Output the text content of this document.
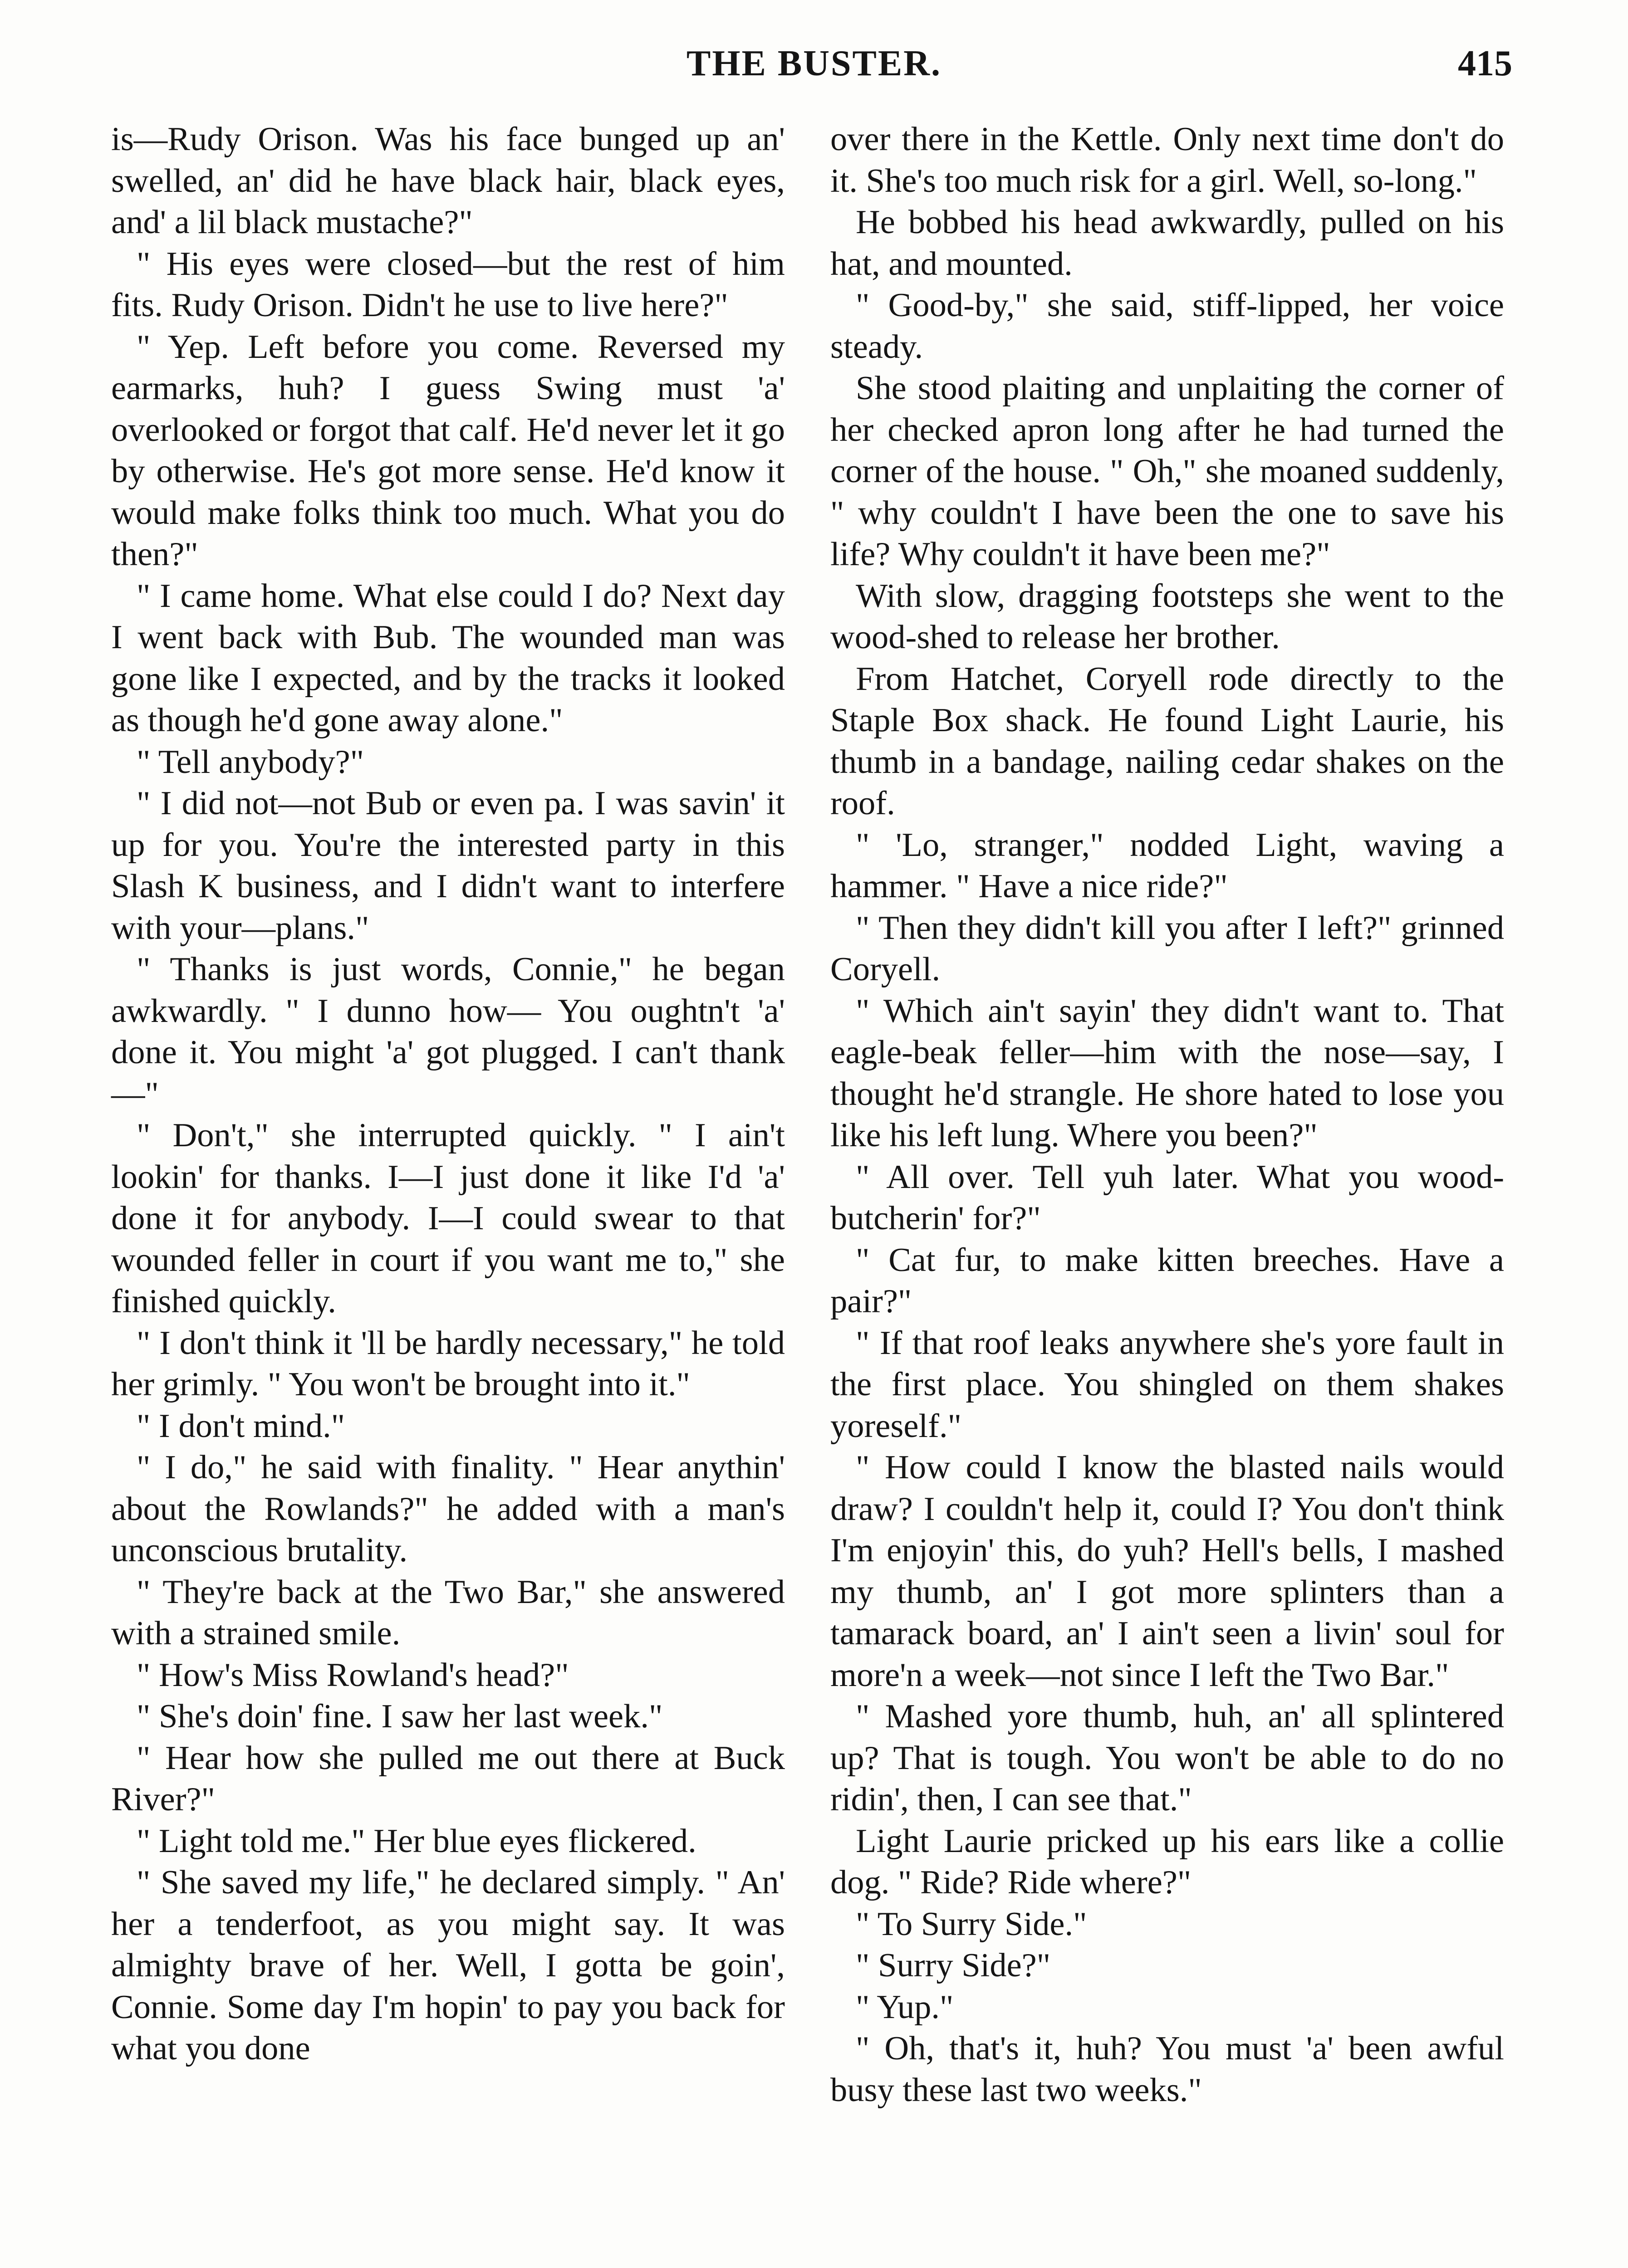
THE BUSTER.	415

is—Rudy Orison. Was his face bunged up an' swelled, an' did he have black hair, black eyes, and' a lil black mustache?"

" His eyes were closed—but the rest of him fits. Rudy Orison. Didn't he use to live here?"

" Yep. Left before you come. Reversed my earmarks, huh? I guess Swing must 'a' overlooked or forgot that calf. He'd never let it go by otherwise. He's got more sense. He'd know it would make folks think too much. What you do then?"

" I came home. What else could I do? Next day I went back with Bub. The wounded man was gone like I expected, and by the tracks it looked as though he'd gone away alone."

" Tell anybody?"

" I did not—not Bub or even pa. I was savin' it up for you. You're the interested party in this Slash K business, and I didn't want to interfere with your—plans."

" Thanks is just words, Connie," he began awkwardly. " I dunno how— You oughtn't 'a' done it. You might 'a' got plugged. I can't thank—"

" Don't," she interrupted quickly. " I ain't lookin' for thanks. I—I just done it like I'd 'a' done it for anybody. I—I could swear to that wounded feller in court if you want me to," she finished quickly.

" I don't think it 'll be hardly necessary," he told her grimly. " You won't be brought into it."

" I don't mind."

" I do," he said with finality. " Hear anythin' about the Rowlands?" he added with a man's unconscious brutality.

" They're back at the Two Bar," she answered with a strained smile.

" How's Miss Rowland's head?"

" She's doin' fine. I saw her last week."

" Hear how she pulled me out there at Buck River?"

" Light told me." Her blue eyes flickered.

" She saved my life," he declared simply. " An' her a tenderfoot, as you might say. It was almighty brave of her. Well, I gotta be goin', Connie. Some day I'm hopin' to pay you back for what you done

over there in the Kettle. Only next time don't do it. She's too much risk for a girl. Well, so-long."

He bobbed his head awkwardly, pulled on his hat, and mounted.

" Good-by," she said, stiff-lipped, her voice steady.

She stood plaiting and unplaiting the corner of her checked apron long after he had turned the corner of the house. " Oh," she moaned suddenly, " why couldn't I have been the one to save his life? Why couldn't it have been me?"

With slow, dragging footsteps she went to the wood-shed to release her brother.

From Hatchet, Coryell rode directly to the Staple Box shack. He found Light Laurie, his thumb in a bandage, nailing cedar shakes on the roof.

" 'Lo, stranger," nodded Light, waving a hammer. " Have a nice ride?"

" Then they didn't kill you after I left?" grinned Coryell.

" Which ain't sayin' they didn't want to. That eagle-beak feller—him with the nose—say, I thought he'd strangle. He shore hated to lose you like his left lung. Where you been?"

" All over. Tell yuh later. What you wood-butcherin' for?"

" Cat fur, to make kitten breeches. Have a pair?"

" If that roof leaks anywhere she's yore fault in the first place. You shingled on them shakes yoreself."

" How could I know the blasted nails would draw? I couldn't help it, could I? You don't think I'm enjoyin' this, do yuh? Hell's bells, I mashed my thumb, an' I got more splinters than a tamarack board, an' I ain't seen a livin' soul for more'n a week—not since I left the Two Bar."

" Mashed yore thumb, huh, an' all splintered up? That is tough. You won't be able to do no ridin', then, I can see that."

Light Laurie pricked up his ears like a collie dog. " Ride? Ride where?"

" To Surry Side."

" Surry Side?"

" Yup."

" Oh, that's it, huh? You must 'a' been awful busy these last two weeks."
